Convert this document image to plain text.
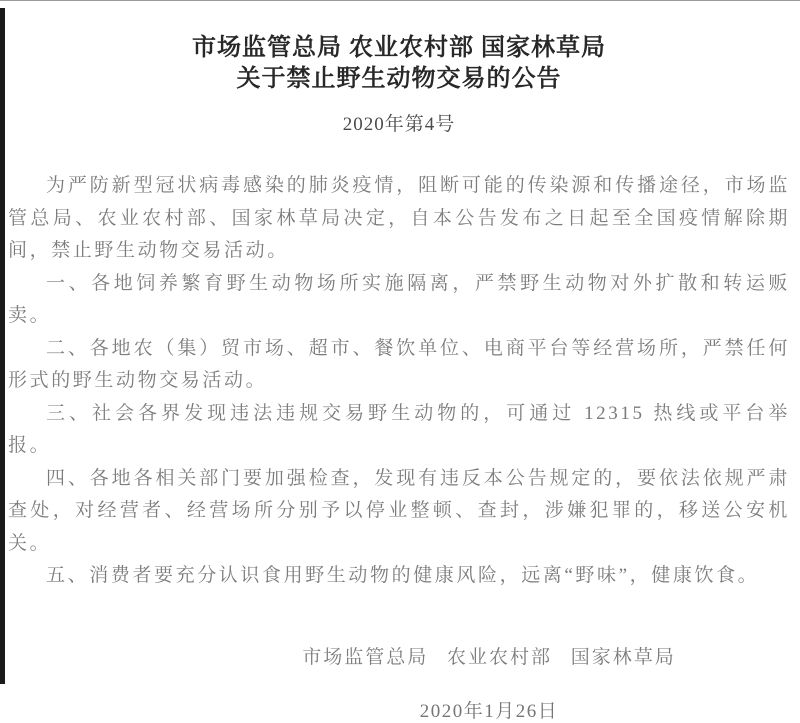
市场监管总局 农业农村部 国家林草局
关于禁止野生动物交易的公告
2020年第4号

为严防新型冠状病毒感染的肺炎疫情，阻断可能的传染源和传播途径，市场监管总局、农业农村部、国家林草局决定，自本公告发布之日起至全国疫情解除期间，禁止野生动物交易活动。

一、各地饲养繁育野生动物场所实施隔离，严禁野生动物对外扩散和转运贩卖。

二、各地农（集）贸市场、超市、餐饮单位、电商平台等经营场所，严禁任何形式的野生动物交易活动。

三、社会各界发现违法违规交易野生动物的，可通过 12315 热线或平台举报。

四、各地各相关部门要加强检查，发现有违反本公告规定的，要依法依规严肃查处，对经营者、经营场所分别予以停业整顿、查封，涉嫌犯罪的，移送公安机关。

五、消费者要充分认识食用野生动物的健康风险，远离“野味”，健康饮食。

市场监管总局 农业农村部 国家林草局
2020年1月26日
